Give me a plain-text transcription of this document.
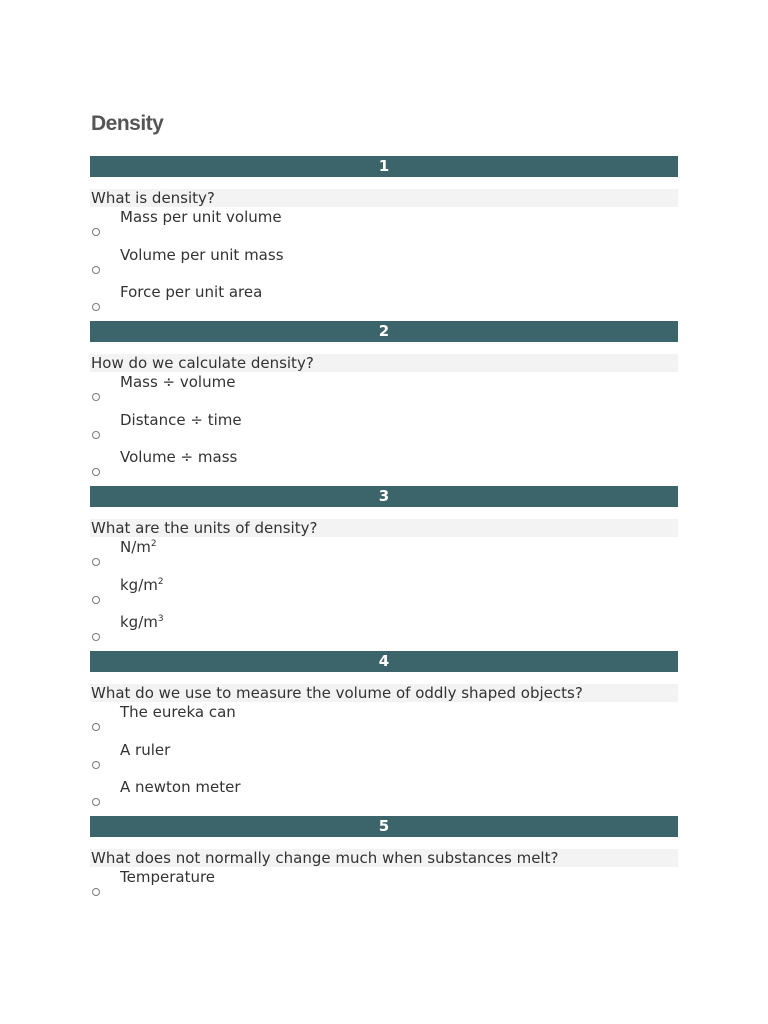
Density
1
What is density?
Mass per unit volume
Volume per unit mass
Force per unit area
2
How do we calculate density?
Mass ÷ volume
Distance ÷ time
Volume ÷ mass
3
What are the units of density?
$N/m^2$
$kg/m^2$
$kg/m^3$
4
What do we use to measure the volume of oddly shaped objects?
The eureka can
A ruler
A newton meter
5
What does not normally change much when substances melt?
Temperature
